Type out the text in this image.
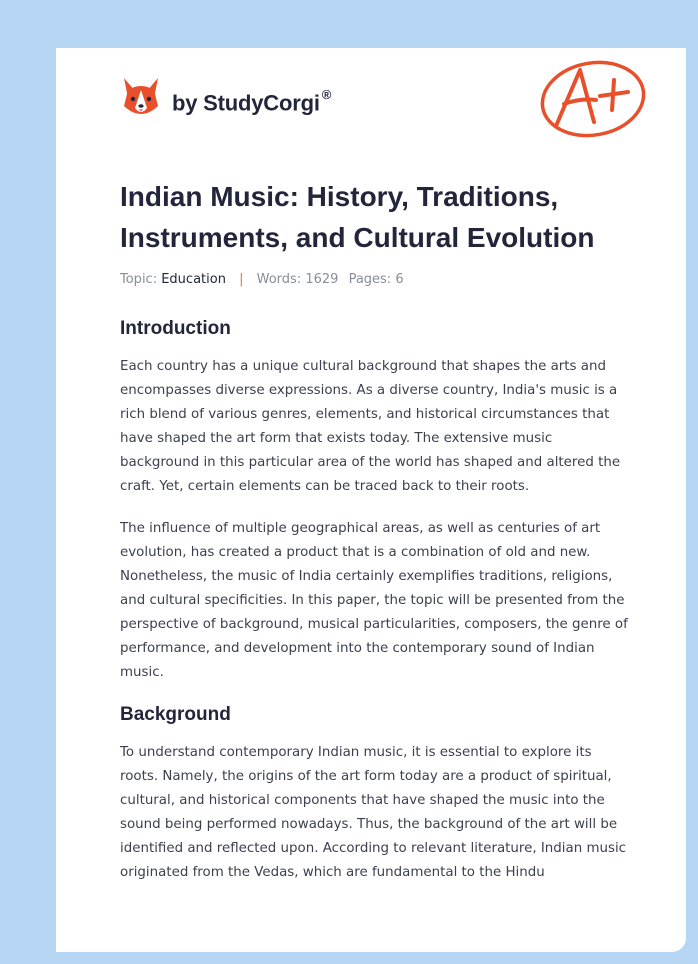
by StudyCorgi ®
Indian Music: History, Traditions, Instruments, and Cultural Evolution
Topic: Education | Words: 1629 Pages: 6
Introduction

Each country has a unique cultural background that shapes the arts and encompasses diverse expressions. As a diverse country, India's music is a rich blend of various genres, elements, and historical circumstances that have shaped the art form that exists today. The extensive music background in this particular area of the world has shaped and altered the craft. Yet, certain elements can be traced back to their roots.

The influence of multiple geographical areas, as well as centuries of art evolution, has created a product that is a combination of old and new. Nonetheless, the music of India certainly exemplifies traditions, religions, and cultural specificities. In this paper, the topic will be presented from the perspective of background, musical particularities, composers, the genre of performance, and development into the contemporary sound of Indian music.

Background

To understand contemporary Indian music, it is essential to explore its roots. Namely, the origins of the art form today are a product of spiritual, cultural, and historical components that have shaped the music into the sound being performed nowadays. Thus, the background of the art will be identified and reflected upon. According to relevant literature, Indian music originated from the Vedas, which are fundamental to the Hindu
